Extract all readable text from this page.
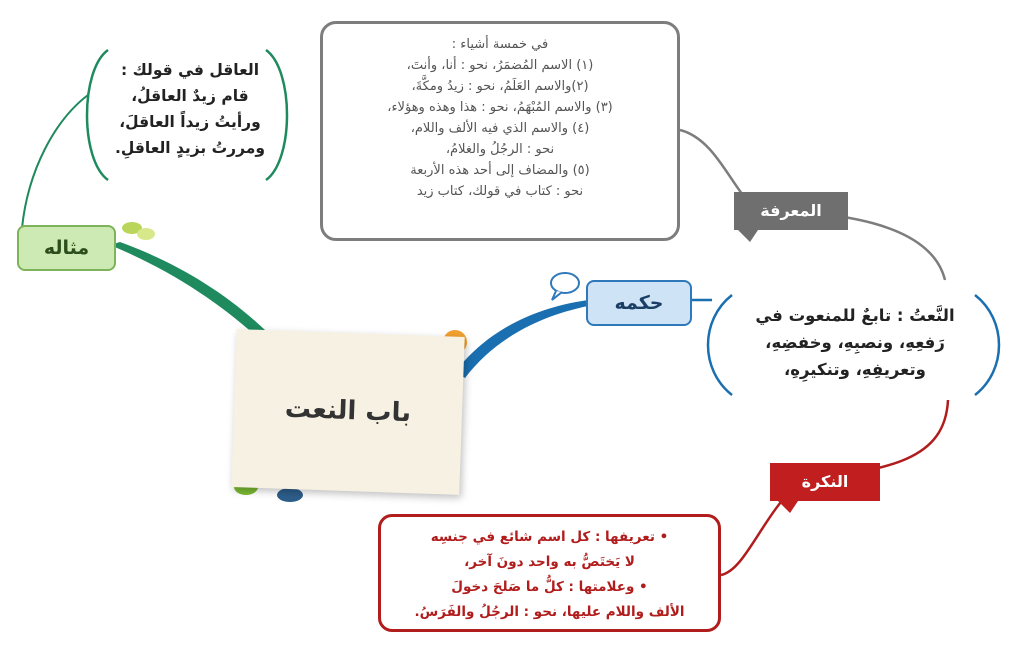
باب النعت
في خمسة أشياء :
(١) الاسم المُضمَرُ، نحو : أنا، وأنتَ،
(٢)والاسم العَلَمُ، نحو : زيدُ ومكَّةَ،
(٣) والاسم المُبْهَمُ، نحو : هذا وهذه وهؤلاء،
(٤) والاسم الذي فيه الألف واللام،
نحو : الرجُلُ والغلامُ،
(٥) والمضاف إلى أحد هذه الأربعة
نحو : كتاب في قولك، كتاب زيد
العاقل في قولك :
قام زيدٌ العاقلُ،
ورأيتُ زيداً العاقلَ،
ومررتُ بزيدٍ العاقلِ.
النَّعتُ : تابعٌ للمنعوت في
رَفعِهِ، ونصبِهِ، وخفضِهِ،
وتعريفِهِ، وتنكيرِهِ،
• تعريفها : كل اسم شائع في جنسِه
لا يَختَصُّ به واحد دونَ آخر،
• وعلامتها : كلُّ ما صَلحَ دخولَ
الألف واللام عليها، نحو : الرجُلُ والفَرَسُ.
مثاله
حكمه
المعرفة
النكرة
